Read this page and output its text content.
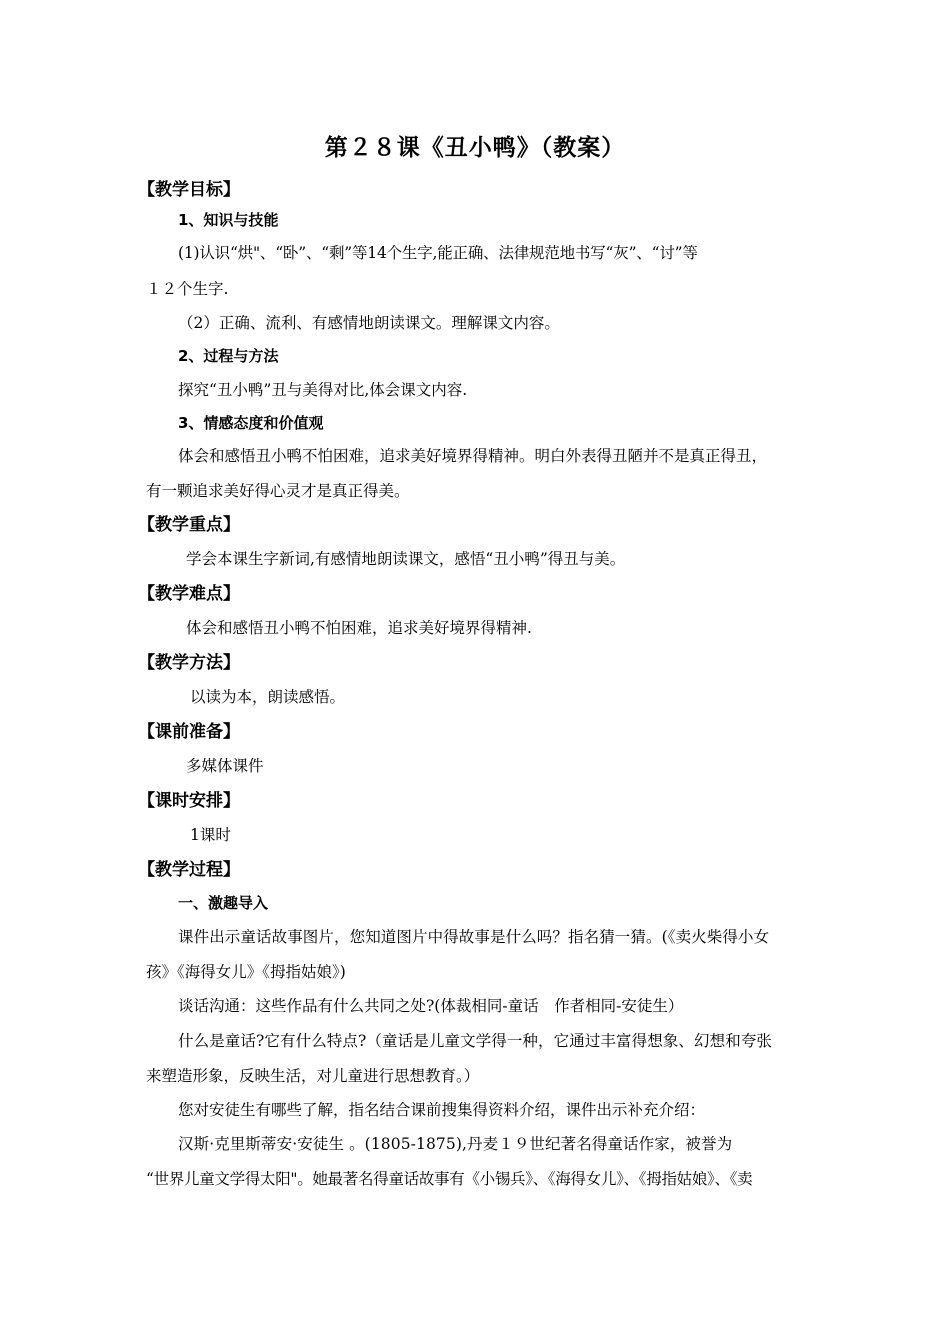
第２８课《丑小鸭》（教案）
【教学目标】
1、知识与技能
(1)认识“烘"、“卧”、“剩”等14个生字,能正确、法律规范地书写“灰”、“讨”等
１２个生字.
（2）正确、流利、有感情地朗读课文。理解课文内容。
2、过程与方法
探究“丑小鸭”丑与美得对比,体会课文内容.
3、情感态度和价值观
体会和感悟丑小鸭不怕困难，追求美好境界得精神。明白外表得丑陋并不是真正得丑，
有一颗追求美好得心灵才是真正得美。
【教学重点】
学会本课生字新词,有感情地朗读课文，感悟“丑小鸭”得丑与美。
【教学难点】
体会和感悟丑小鸭不怕困难，追求美好境界得精神.
【教学方法】
以读为本，朗读感悟。
【课前准备】
多媒体课件
【课时安排】
1课时
【教学过程】
一、激趣导入
课件出示童话故事图片，您知道图片中得故事是什么吗？指名猜一猜。(《卖火柴得小女
孩》《海得女儿》《拇指姑娘》)
谈话沟通：这些作品有什么共同之处?(体裁相同-童话　作者相同-安徒生）
什么是童话?它有什么特点?（童话是儿童文学得一种，它通过丰富得想象、幻想和夸张
来塑造形象，反映生活，对儿童进行思想教育。）
您对安徒生有哪些了解，指名结合课前搜集得资料介绍，课件出示补充介绍：
汉斯·克里斯蒂安·安徒生 。(1805-1875),丹麦１９世纪著名得童话作家，被誉为
“世界儿童文学得太阳"。她最著名得童话故事有《小锡兵》、《海得女儿》、《拇指姑娘》、《卖
